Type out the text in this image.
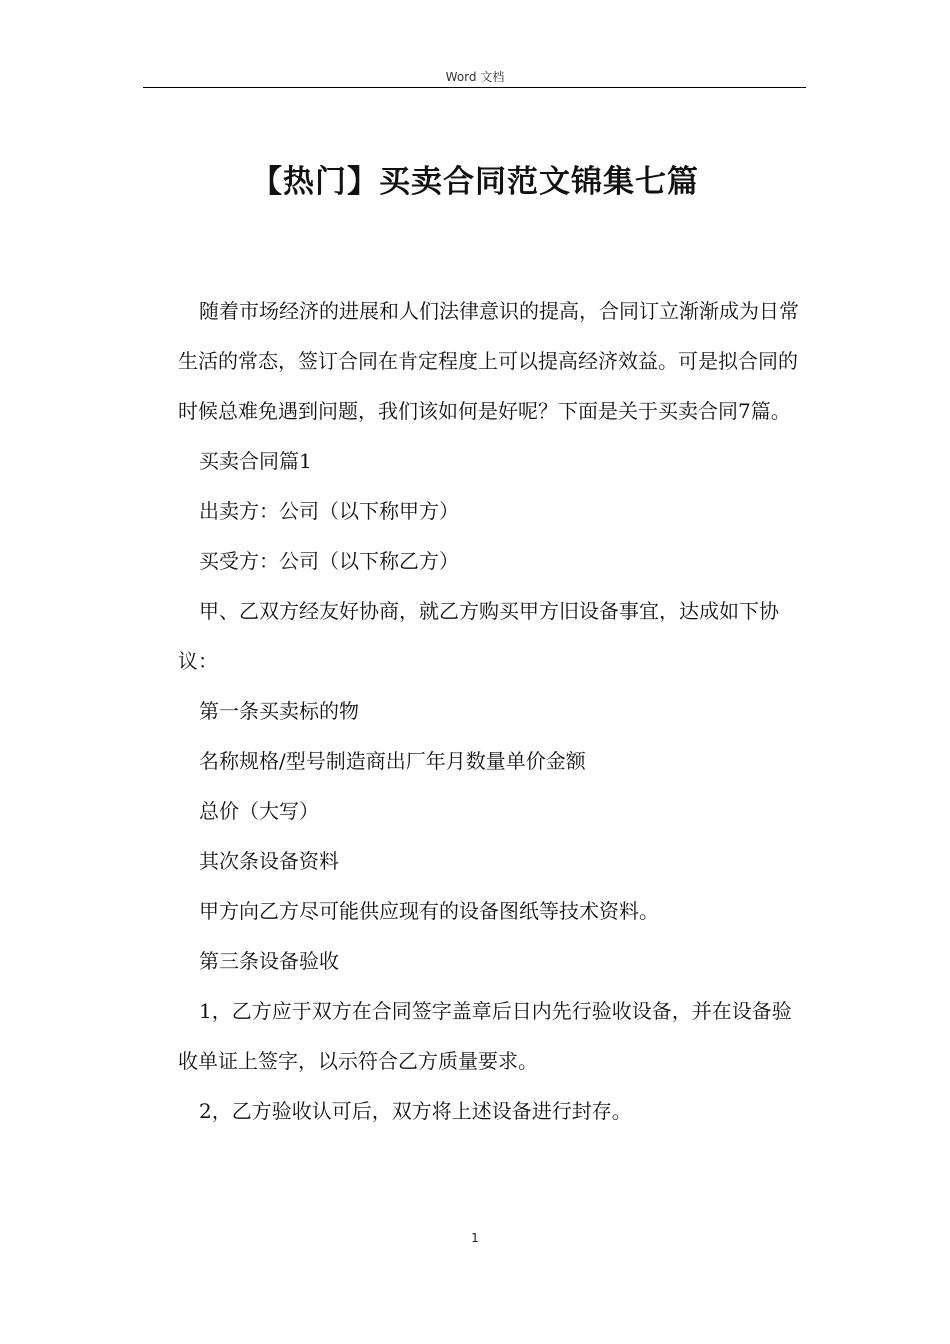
Word 文档
【热门】买卖合同范文锦集七篇

随着市场经济的进展和人们法律意识的提高，合同订立渐渐成为日常生活的常态，签订合同在肯定程度上可以提高经济效益。可是拟合同的时候总难免遇到问题，我们该如何是好呢？下面是关于买卖合同7篇。

买卖合同篇1

出卖方：公司（以下称甲方）

买受方：公司（以下称乙方）

甲、乙双方经友好协商，就乙方购买甲方旧设备事宜，达成如下协议：

第一条买卖标的物

名称规格/型号制造商出厂年月数量单价金额

总价（大写）

其次条设备资料

甲方向乙方尽可能供应现有的设备图纸等技术资料。

第三条设备验收

1，乙方应于双方在合同签字盖章后日内先行验收设备，并在设备验收单证上签字，以示符合乙方质量要求。

2，乙方验收认可后，双方将上述设备进行封存。

1
